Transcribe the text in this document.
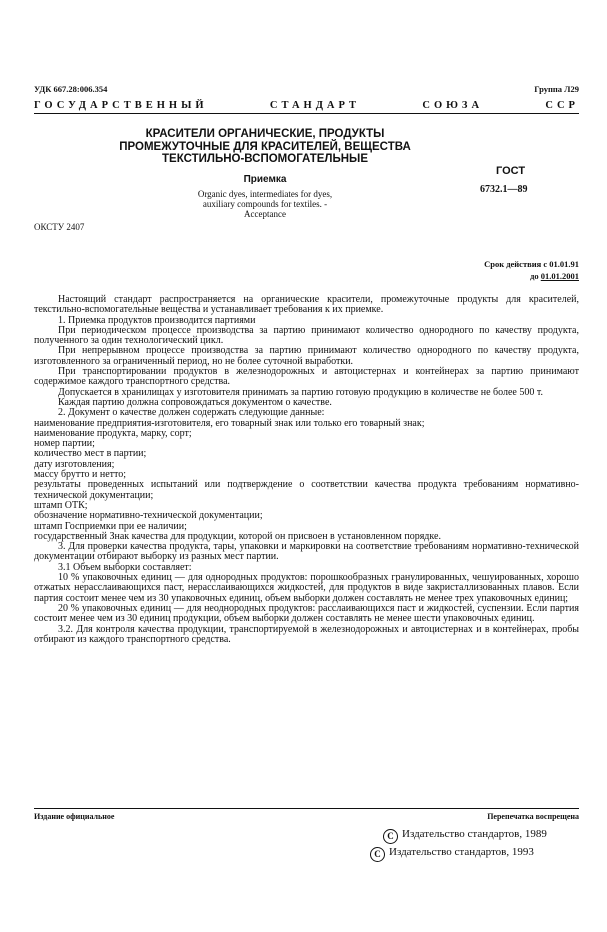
УДК 667.28:006.354	Группа Л29
ГОСУДАРСТВЕННЫЙ	СТАНДАРТ	СОЮЗА	ССР
КРАСИТЕЛИ ОРГАНИЧЕСКИЕ, ПРОДУКТЫ
ПРОМЕЖУТОЧНЫЕ ДЛЯ КРАСИТЕЛЕЙ, ВЕЩЕСТВА
ТЕКСТИЛЬНО-ВСПОМОГАТЕЛЬНЫЕ
Приемка
Organic dyes, intermediates for dyes,
auxiliary compounds for textiles. -
Acceptance
ГОСТ
6732.1—89
ОКСТУ 2407
Срок действия с 01.01.91
до 01.01.2001

Настоящий стандарт распространяется на органические красители, промежуточные продукты для красителей, текстильно-вспомогательные вещества и устанавливает требования к их приемке.

1. Приемка продуктов производится партиями

При периодическом процессе производства за партию принимают количество однородного по качеству продукта, полученного за один технологический цикл.

При непрерывном процессе производства за партию принимают количество однородного по качеству продукта, изготовленного за ограниченный период, но не более суточной выработки.

При транспортировании продуктов в железнодорожных и автоцистернах и контейнерах за партию принимают содержимое каждого транспортного средства.

Допускается в хранилищах у изготовителя принимать за партию готовую продукцию в количестве не более 500 т.

Каждая партию должна сопровождаться документом о качестве.

2. Документ о качестве должен содержать следующие данные:

наименование предприятия-изготовителя, его товарный знак или только его товарный знак;

наименование продукта, марку, сорт;

номер партии;

количество мест в партии;

дату изготовления;

массу брутто и нетто;

результаты проведенных испытаний или подтверждение о соответствии качества продукта требованиям нормативно-технической документации;

штамп ОТК;

обозначение нормативно-технической документации;

штамп Госприемки при ее наличии;

государственный Знак качества для продукции, которой он присвоен в установленном порядке.

3. Для проверки качества продукта, тары, упаковки и маркировки на соответствие требованиям нормативно-технической документации отбирают выборку из разных мест партии.

3.1 Объем выборки составляет:

10 % упаковочных единиц — для однородных продуктов: порошкообразных гранулированных, чешуированных, хорошо отжатых нерасслаивающихся паст, нерасслаивающихся жидкостей, для продуктов в виде закристаллизованных плавов. Если партия состоит менее чем из 30 упаковочных единиц, объем выборки должен составлять не менее трех упаковочных единиц;

20 % упаковочных единиц — для неоднородных продуктов: расслаивающихся паст и жидкостей, суспензии. Если партия состоит менее чем из 30 единиц продукции, объем выборки должен составлять не менее шести упаковочных единиц.

3.2. Для контроля качества продукции, транспортируемой в железнодорожных и автоцистернах и в контейнерах, пробы отбирают из каждого транспортного средства.

Издание официальное	Перепечатка воспрещена
C Издательство стандартов, 1989
C Издательство стандартов, 1993
